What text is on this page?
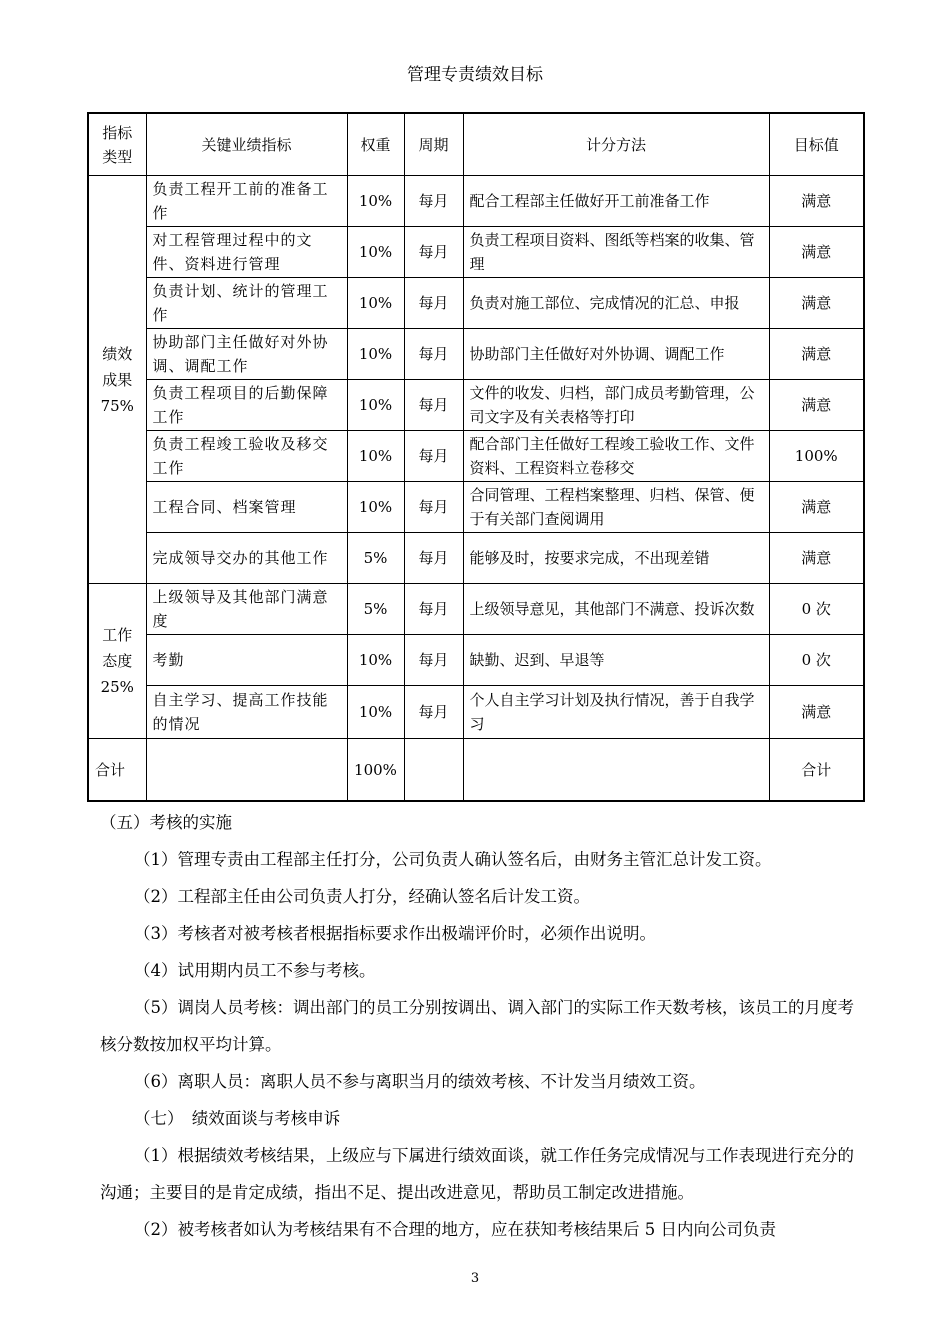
管理专责绩效目标
指标类型	关键业绩指标	权重	周期	计分方法	目标值

绩效
成果
75%	负责工程开工前的准备工作	10%	每月	配合工程部主任做好开工前准备工作	满意
	对工程管理过程中的文件、资料进行管理	10%	每月	负责工程项目资料、图纸等档案的收集、管理	满意
	负责计划、统计的管理工作	10%	每月	负责对施工部位、完成情况的汇总、申报	满意
	协助部门主任做好对外协调、调配工作	10%	每月	协助部门主任做好对外协调、调配工作	满意
	负责工程项目的后勤保障工作	10%	每月	文件的收发、归档，部门成员考勤管理，公司文字及有关表格等打印	满意
	负责工程竣工验收及移交工作	10%	每月	配合部门主任做好工程竣工验收工作、文件资料、工程资料立卷移交	100%
	工程合同、档案管理	10%	每月	合同管理、工程档案整理、归档、保管、便于有关部门查阅调用	满意
	完成领导交办的其他工作	5%	每月	能够及时，按要求完成，不出现差错	满意

工作
态度
25%	上级领导及其他部门满意度	5%	每月	上级领导意见，其他部门不满意、投诉次数	0 次
	考勤	10%	每月	缺勤、迟到、早退等	0 次
	自主学习、提高工作技能的情况	10%	每月	个人自主学习计划及执行情况，善于自我学习	满意
合计		100%			合计
（五）考核的实施
（1）管理专责由工程部主任打分，公司负责人确认签名后，由财务主管汇总计发工资。
（2）工程部主任由公司负责人打分，经确认签名后计发工资。
（3）考核者对被考核者根据指标要求作出极端评价时，必须作出说明。
（4）试用期内员工不参与考核。
（5）调岗人员考核：调出部门的员工分别按调出、调入部门的实际工作天数考核，该员工的月度考核分数按加权平均计算。
（6）离职人员：离职人员不参与离职当月的绩效考核、不计发当月绩效工资。
（七）　绩效面谈与考核申诉
（1）根据绩效考核结果，上级应与下属进行绩效面谈，就工作任务完成情况与工作表现进行充分的沟通；主要目的是肯定成绩，指出不足、提出改进意见，帮助员工制定改进措施。
（2）被考核者如认为考核结果有不合理的地方，应在获知考核结果后 5 日内向公司负责
3
